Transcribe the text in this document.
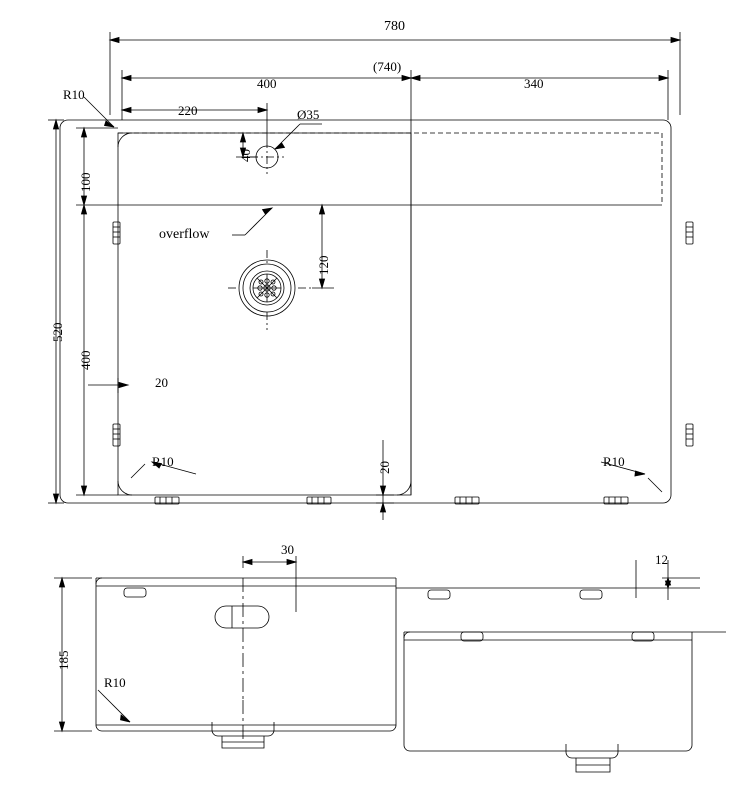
780
(740)
400	340
220	Ø35
40
100
520
400
120
20
20
R10
R10	R10
overflow
30
12
185
R10
